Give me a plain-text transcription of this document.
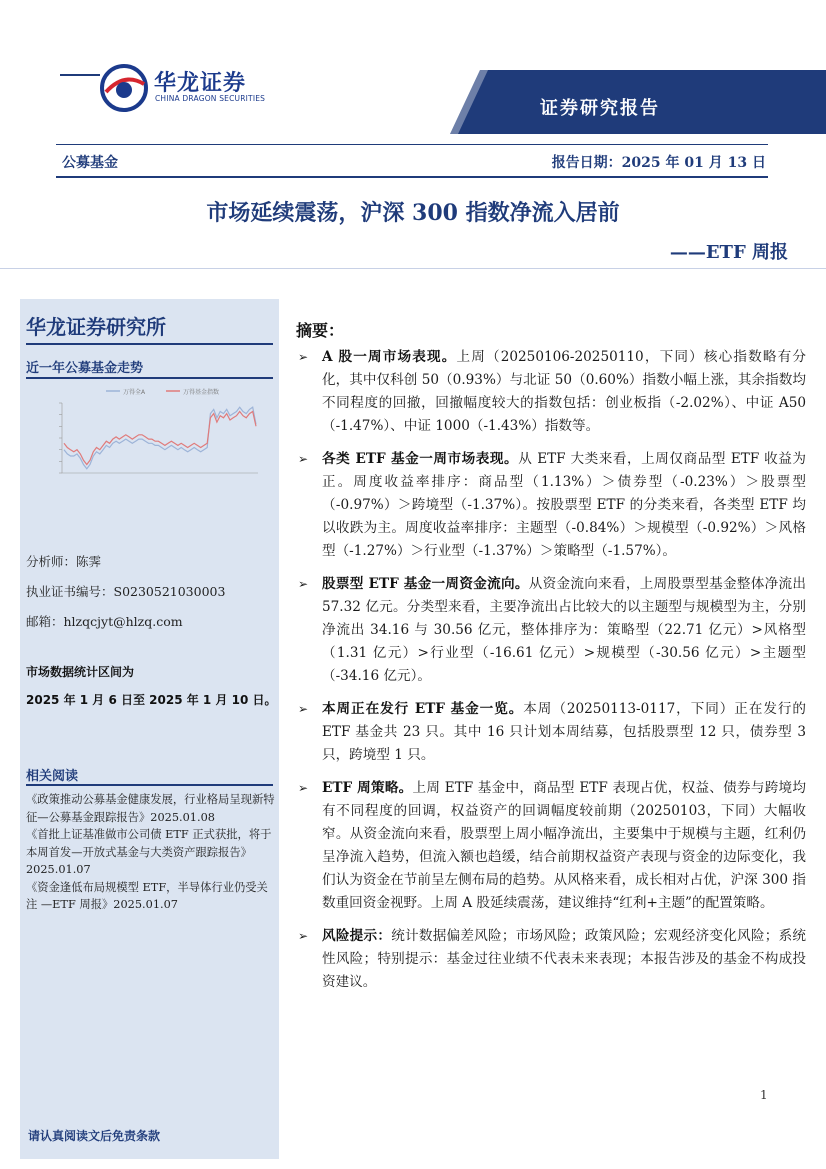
华龙证券
CHINA DRAGON SECURITIES	证券研究报告
公募基金	报告日期：2025 年 01 月 13 日
市场延续震荡，沪深 300 指数净流入居前
——ETF 周报
华龙证券研究所
近一年公募基金走势
万得全A	万得基金指数
分析师：陈霁
执业证书编号：S0230521030003
邮箱：hlzqcjyt@hlzq.com
市场数据统计区间为
2025 年 1 月 6 日至 2025 年 1 月 10 日。
相关阅读
《政策推动公募基金健康发展，行业格局呈现新特征—公募基金跟踪报告》2025.01.08
《首批上证基准做市公司债 ETF 正式获批，将于本周首发—开放式基金与大类资产跟踪报告》2025.01.07
《资金逢低布局规模型 ETF，半导体行业仍受关注 —ETF 周报》2025.01.07
请认真阅读文后免责条款
摘要：
➢ A 股一周市场表现。上周（20250106-20250110，下同）核心指数略有分化，其中仅科创 50（0.93%）与北证 50（0.60%）指数小幅上涨，其余指数均不同程度的回撤，回撤幅度较大的指数包括：创业板指（-2.02%）、中证 A50（-1.47%）、中证 1000（-1.43%）指数等。
➢ 各类 ETF 基金一周市场表现。从 ETF 大类来看，上周仅商品型 ETF 收益为正。周度收益率排序：商品型（1.13%）＞债券型（-0.23%）＞股票型（-0.97%）＞跨境型（-1.37%）。按股票型 ETF 的分类来看，各类型 ETF 均以收跌为主。周度收益率排序：主题型（-0.84%）＞规模型（-0.92%）＞风格型（-1.27%）＞行业型（-1.37%）＞策略型（-1.57%）。
➢ 股票型 ETF 基金一周资金流向。从资金流向来看，上周股票型基金整体净流出 57.32 亿元。分类型来看，主要净流出占比较大的以主题型与规模型为主，分别净流出 34.16 与 30.56 亿元，整体排序为：策略型（22.71 亿元）>风格型（1.31 亿元）>行业型（-16.61 亿元）>规模型（-30.56 亿元）>主题型（-34.16 亿元）。
➢ 本周正在发行 ETF 基金一览。本周（20250113-0117，下同）正在发行的 ETF 基金共 23 只。其中 16 只计划本周结募，包括股票型 12 只，债券型 3 只，跨境型 1 只。
➢ ETF 周策略。上周 ETF 基金中，商品型 ETF 表现占优，权益、债券与跨境均有不同程度的回调，权益资产的回调幅度较前期（20250103，下同）大幅收窄。从资金流向来看，股票型上周小幅净流出，主要集中于规模与主题，红利仍呈净流入趋势，但流入额也趋缓，结合前期权益资产表现与资金的边际变化，我们认为资金在节前呈左侧布局的趋势。从风格来看，成长相对占优，沪深 300 指数重回资金视野。上周 A 股延续震荡，建议维持“红利+主题”的配置策略。
➢ 风险提示：统计数据偏差风险；市场风险；政策风险；宏观经济变化风险；系统性风险；特别提示：基金过往业绩不代表未来表现；本报告涉及的基金不构成投资建议。
1
